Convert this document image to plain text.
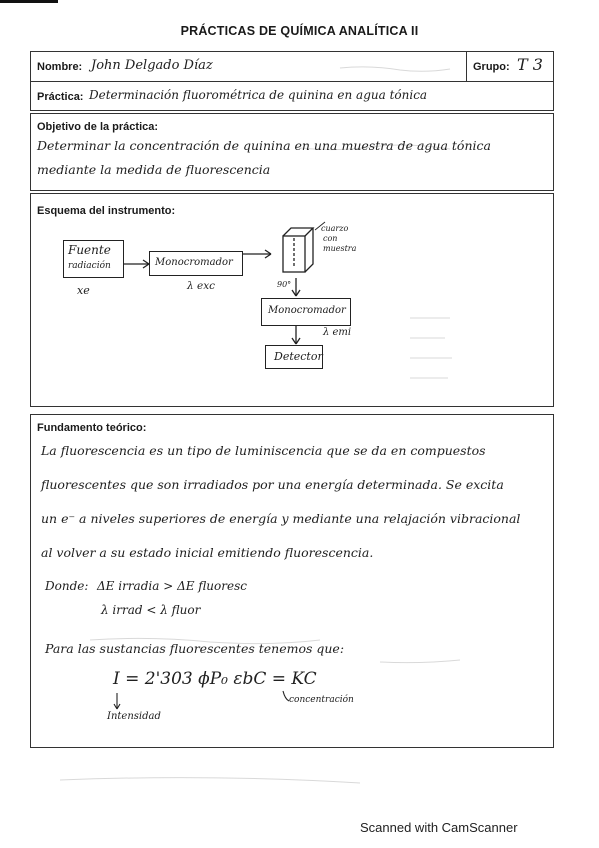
PRÁCTICAS DE QUÍMICA ANALÍTICA II
Nombre: John Delgado Díaz	Grupo: T 3
Práctica: Determinación fluorométrica de quinina en agua tónica
Objetivo de la práctica:
Determinar la concentración de quinina en una muestra de agua tónica
mediante la medida de fluorescencia
Esquema del instrumento:
Fuente
radiación
xe
Monocromador
λ exc
cuarzo
con
muestra
90°
Monocromador
λ emi
Detector
Fundamento teórico:
La fluorescencia es un tipo de luminiscencia que se da en compuestos
fluorescentes que son irradiados por una energía determinada. Se excita
un e⁻ a niveles superiores de energía y mediante una relajación vibracional
al volver a su estado inicial emitiendo fluorescencia.
Donde: ΔE irradia > ΔE fluoresc
λ irrad < λ fluor
Para las sustancias fluorescentes tenemos que:
I = 2'303 ϕP₀ εbC = KC
Intensidad
concentración
Scanned with CamScanner
